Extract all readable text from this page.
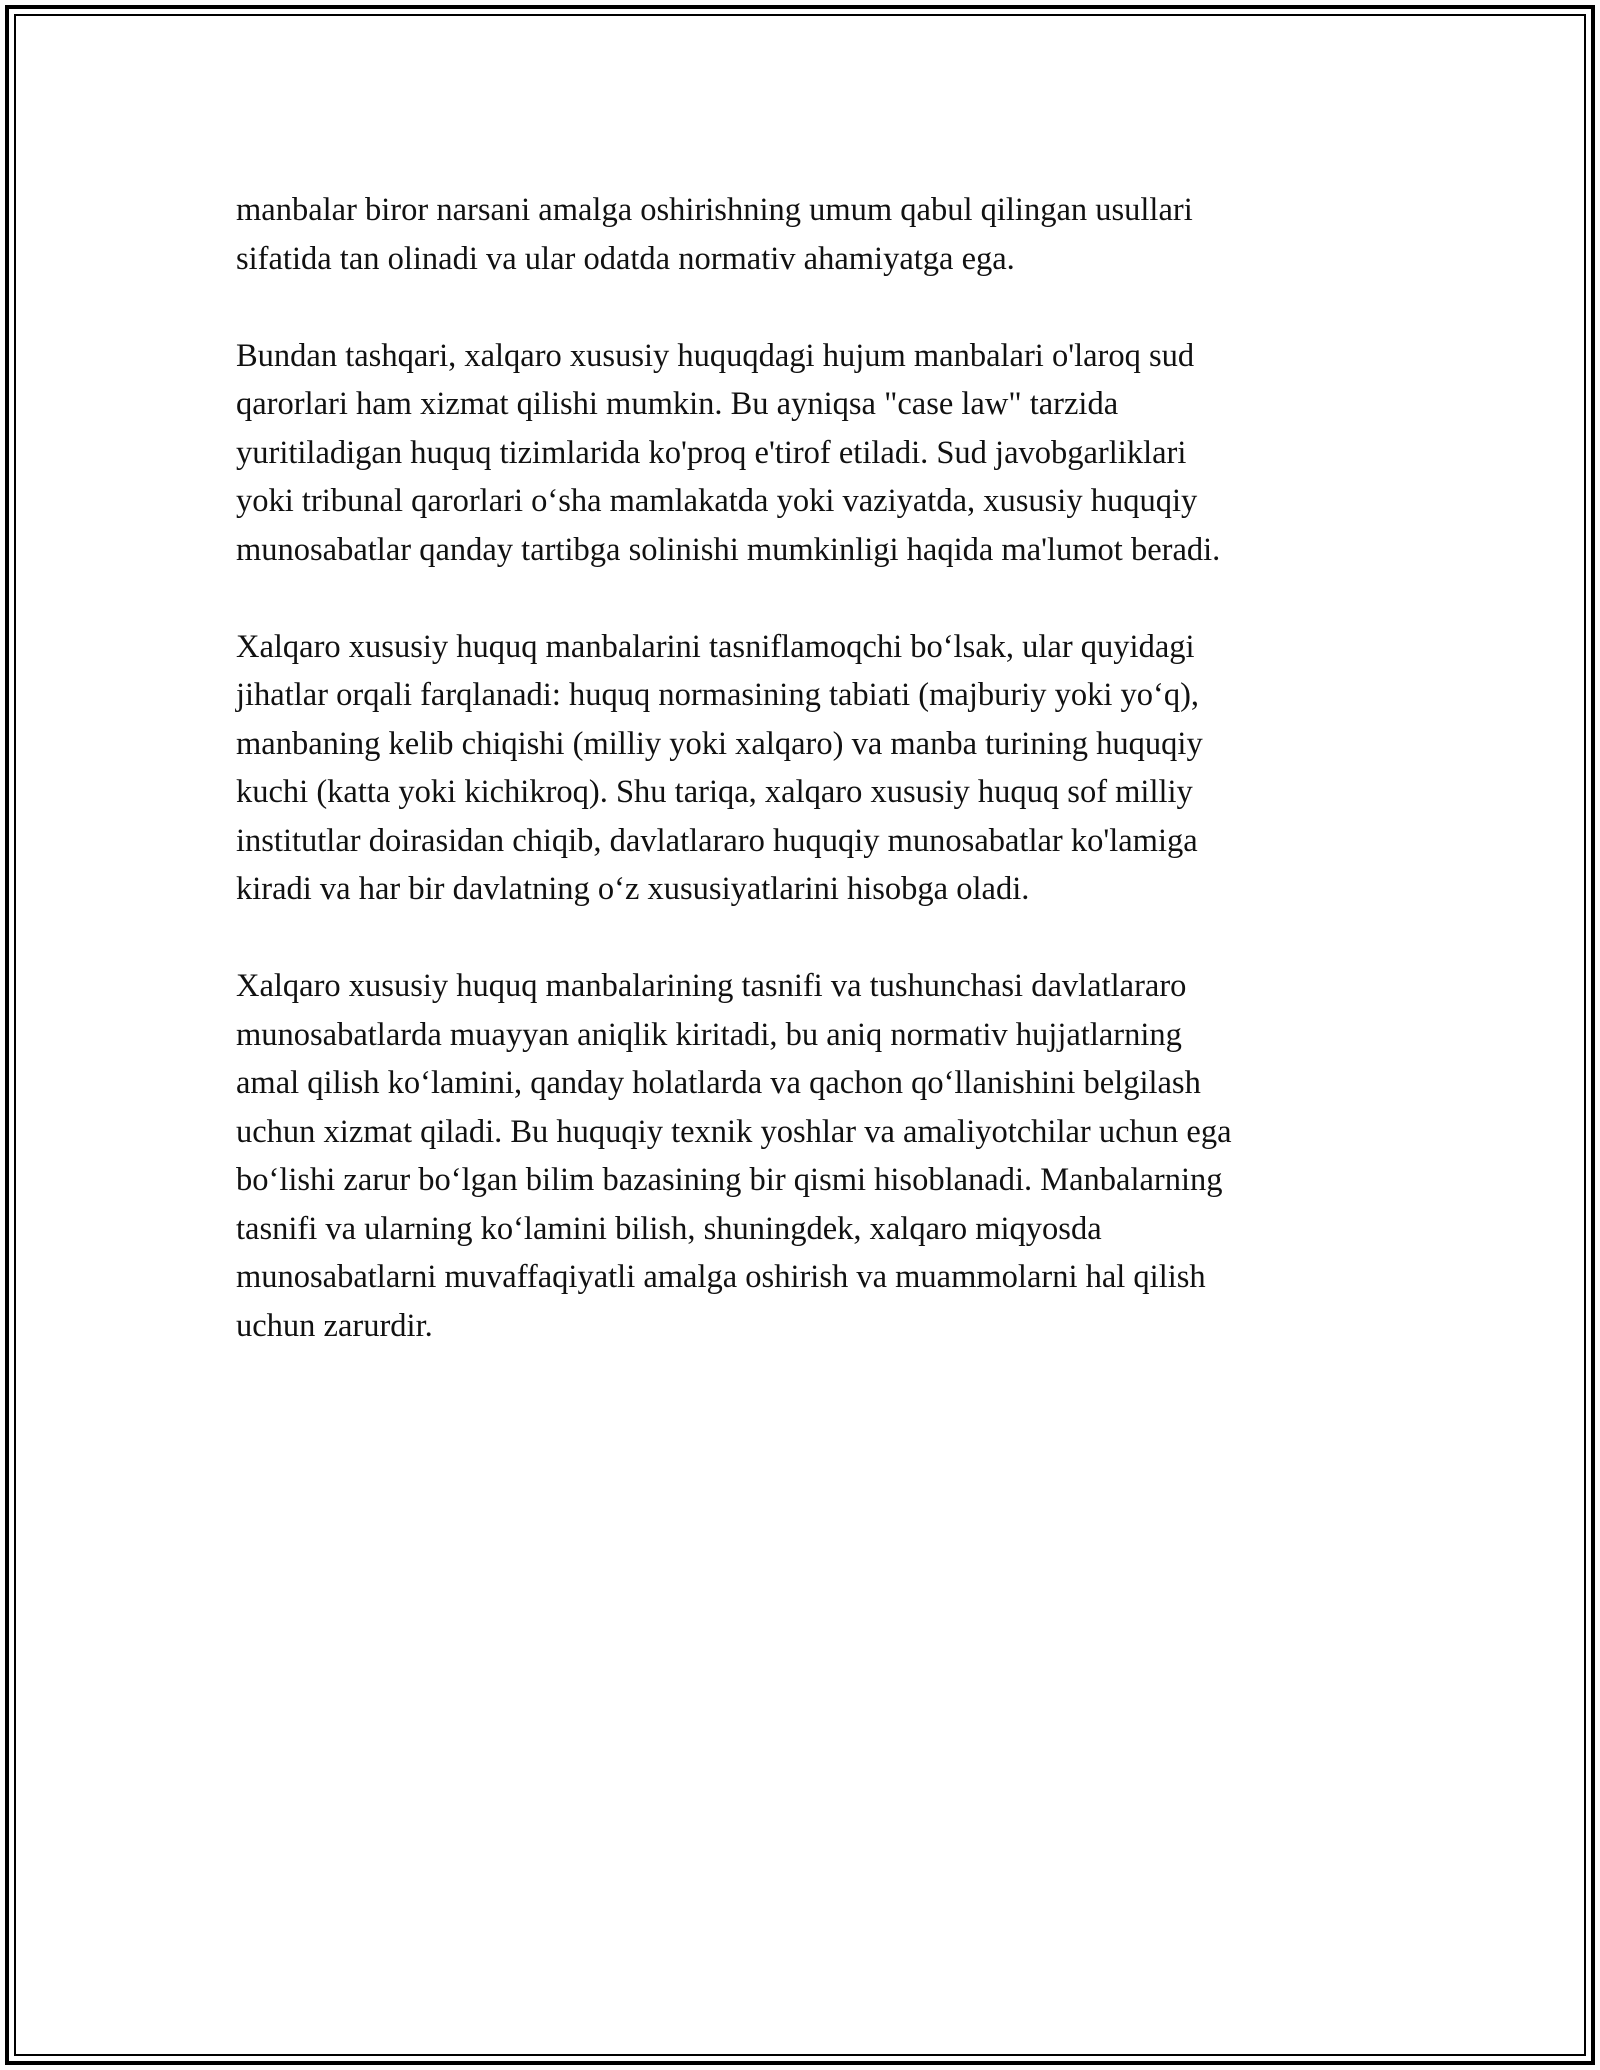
manbalar biror narsani amalga oshirishning umum qabul qilingan usullari
sifatida tan olinadi va ular odatda normativ ahamiyatga ega.

Bundan tashqari, xalqaro xususiy huquqdagi hujum manbalari o'laroq sud
qarorlari ham xizmat qilishi mumkin. Bu ayniqsa "case law" tarzida
yuritiladigan huquq tizimlarida ko'proq e'tirof etiladi. Sud javobgarliklari
yoki tribunal qarorlari o‘sha mamlakatda yoki vaziyatda, xususiy huquqiy
munosabatlar qanday tartibga solinishi mumkinligi haqida ma'lumot beradi.

Xalqaro xususiy huquq manbalarini tasniflamoqchi bo‘lsak, ular quyidagi
jihatlar orqali farqlanadi: huquq normasining tabiati (majburiy yoki yo‘q),
manbaning kelib chiqishi (milliy yoki xalqaro) va manba turining huquqiy
kuchi (katta yoki kichikroq). Shu tariqa, xalqaro xususiy huquq sof milliy
institutlar doirasidan chiqib, davlatlararo huquqiy munosabatlar ko'lamiga
kiradi va har bir davlatning o‘z xususiyatlarini hisobga oladi.

Xalqaro xususiy huquq manbalarining tasnifi va tushunchasi davlatlararo
munosabatlarda muayyan aniqlik kiritadi, bu aniq normativ hujjatlarning
amal qilish ko‘lamini, qanday holatlarda va qachon qo‘llanishini belgilash
uchun xizmat qiladi. Bu huquqiy texnik yoshlar va amaliyotchilar uchun ega
bo‘lishi zarur bo‘lgan bilim bazasining bir qismi hisoblanadi. Manbalarning
tasnifi va ularning ko‘lamini bilish, shuningdek, xalqaro miqyosda
munosabatlarni muvaffaqiyatli amalga oshirish va muammolarni hal qilish
uchun zarurdir.
